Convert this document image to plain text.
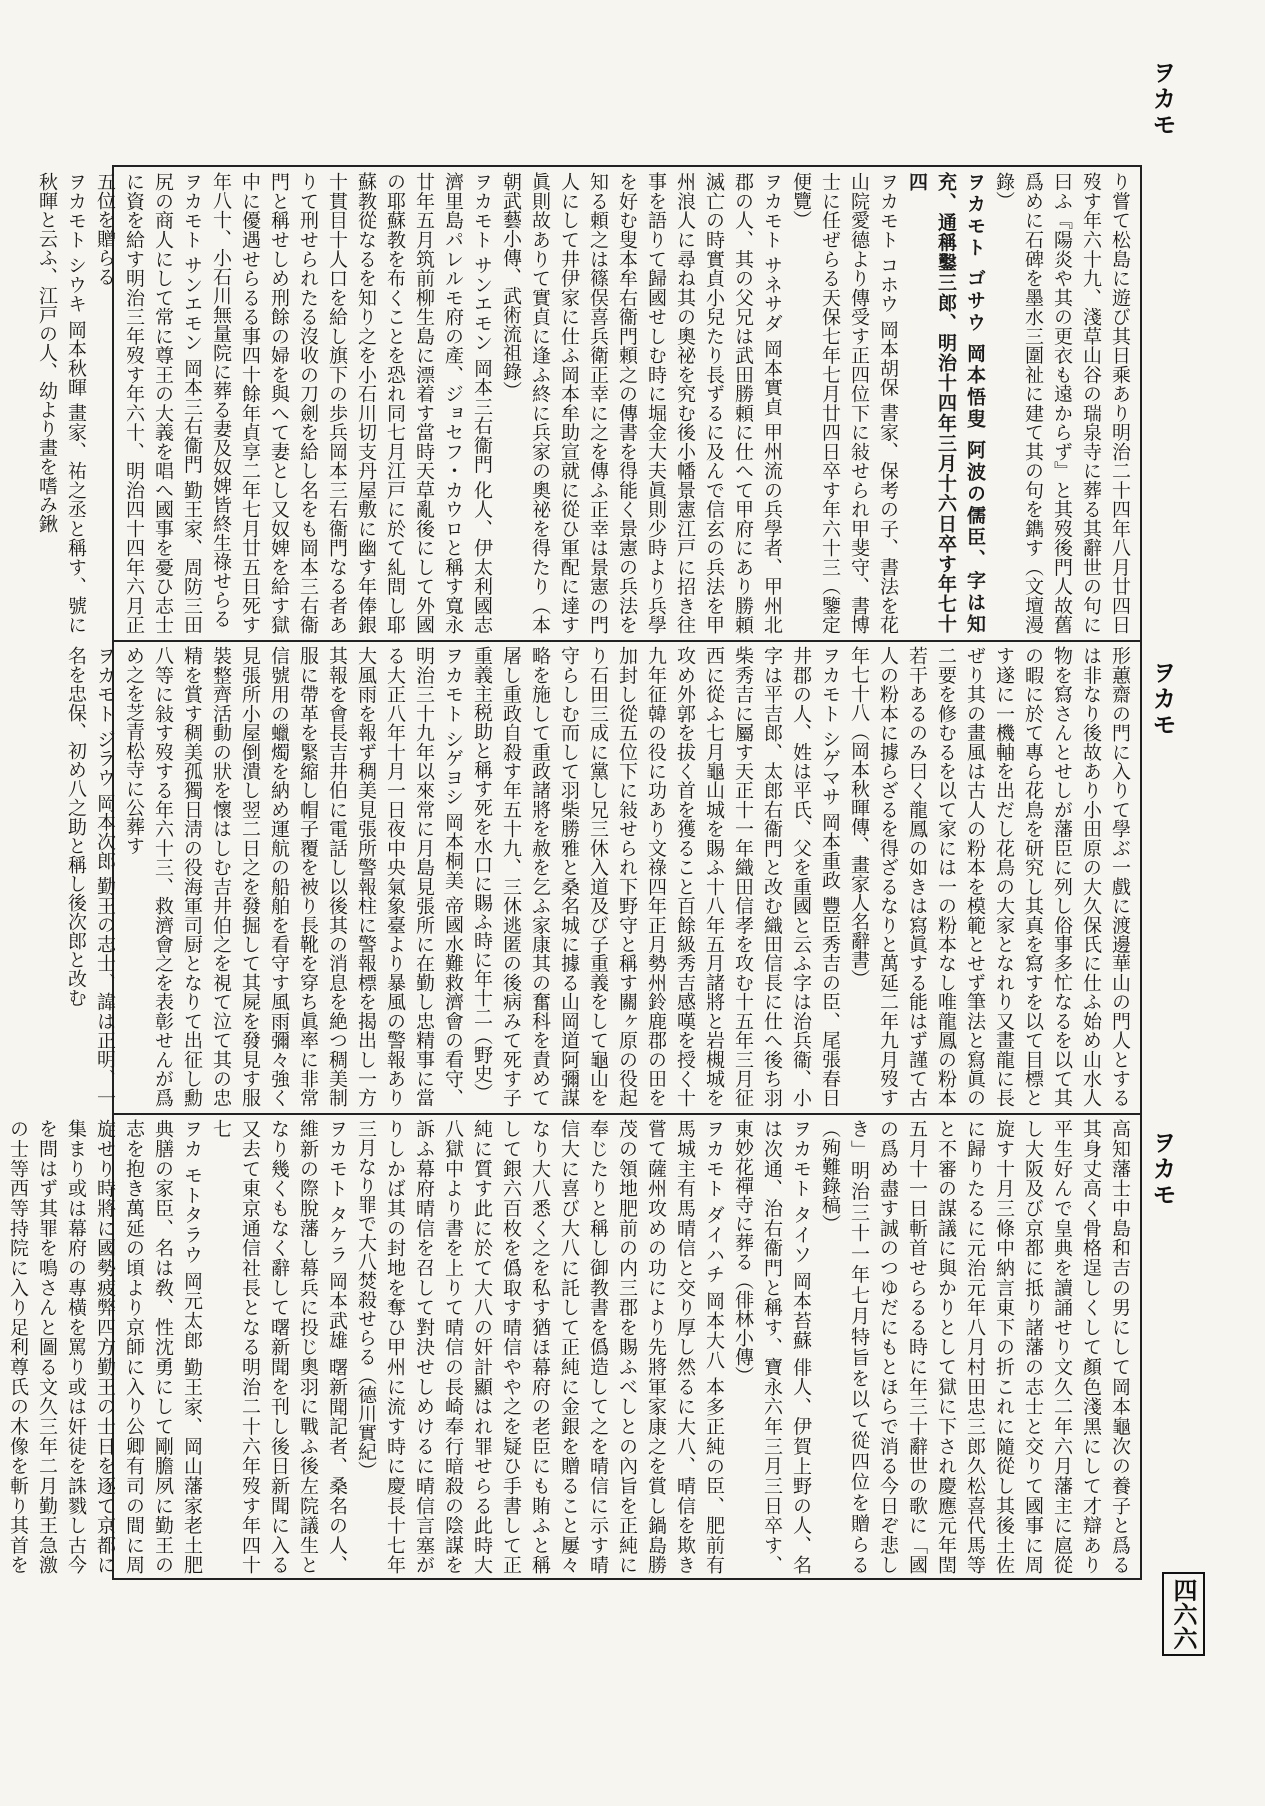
ヲカモ
ヲカモ
ヲカモ
四六六

り嘗て松島に遊び其日乘あり明治二十四年八月廿四日歿す年六十九、淺草山谷の瑞泉寺に葬る其辭世の句に曰ふ『陽炎や其の更衣も遠からず』と其歿後門人故舊爲めに石碑を墨水三圍祉に建て其の句を鐫す（文壇漫錄）

ヲカモト ゴサウ 岡本悟叟 阿波の儒臣、字は知充、通稱鑿三郎、明治十四年三月十六日卒す年七十四

ヲカモト コホウ 岡本胡保 書家、保考の子、書法を花山院愛德より傳受す正四位下に敍せられ甲斐守、書博士に任ぜらる天保七年七月廿四日卒す年六十三（鑒定便覽）

ヲカモト サネサダ 岡本實貞 甲州流の兵學者、甲州北郡の人、其の父兄は武田勝頼に仕へて甲府にあり勝頼滅亡の時實貞小兒たり長ずるに及んで信玄の兵法を甲州浪人に尋ね其の奧祕を究む後小幡景憲江戸に招き往事を語りて歸國せしむ時に堀金大夫眞則少時より兵學を好む叟本牟右衞門頼之の傳書を得能く景憲の兵法を知る頼之は篠俣喜兵衛正幸に之を傳ふ正幸は景憲の門人にして井伊家に仕ふ岡本牟助宣就に從ひ軍配に達す眞則故ありて實貞に逢ふ終に兵家の奧祕を得たり（本朝武藝小傳、武術流祖錄）

ヲカモト サンエモン 岡本三右衞門 化人、伊太利國志濟里島パレルモ府の產、ジョセフ・カウロと稱す寬永廿年五月筑前柳生島に漂着す當時天草亂後にして外國の耶蘇教を布くことを恐れ同七月江戸に於て糺問し耶蘇教從なるを知り之を小石川切支丹屋敷に幽す年俸銀十貫目十人口を給し旗下の歩兵岡本三右衞門なる者ありて刑せられたる沒收の刀劍を給し名をも岡本三右衞門と稱せしめ刑餘の婦を與へて妻とし又奴婢を給す獄中に優遇せらるる事四十餘年貞享二年七月廿五日死す年八十、小石川無量院に葬る妻及奴婢皆終生祿せらる

ヲカモト サンエモン 岡本三右衞門 勤王家、周防三田尻の商人にして常に尊王の大義を唱へ國事を憂ひ志士に資を給す明治三年歿す年六十、明治四十四年六月正五位を贈らる

ヲカモト シウキ 岡本秋暉 畫家、祐之丞と稱す、號に秋暉と云ふ、江戸の人、幼より畫を嗜み鍬

形蕙齋の門に入りて學ぶ一戲に渡邊華山の門人とするは非なり後故あり小田原の大久保氏に仕ふ始め山水人物を寫さんとせしが藩臣に列し俗事多忙なるを以て其の暇に於て專ら花鳥を研究し其真を寫すを以て目標とす遂に一機軸を出だし花鳥の大家となれり又畫龍に長ぜり其の畫風は古人の粉本を模範とせず筆法と寫眞の二要を修むるを以て家には一の粉本なし唯龍鳳の粉本若干あるのみ曰く龍鳳の如きは寫眞する能はず謹て古人の粉本に據らざるを得ざるなりと萬延二年九月歿す年七十八（岡本秋暉傳、畫家人名辭書）

ヲカモト シゲマサ 岡本重政 豐臣秀吉の臣、尾張春日井郡の人、姓は平氏、父を重國と云ふ字は治兵衞、小字は平吉郎、太郎右衞門と改む織田信長に仕へ後ち羽柴秀吉に屬す天正十一年織田信孝を攻む十五年三月征西に從ふ七月龜山城を賜ふ十八年五月諸將と岩槻城を攻め外郭を拔く首を獲ること百餘級秀吉感嘆を授く十九年征韓の役に功あり文祿四年正月勢州鈴鹿郡の田を加封し從五位下に敍せられ下野守と稱す關ヶ原の役起り石田三成に黨し兄三休入道及び子重義をして龜山を守らしむ而して羽柴勝雅と桑名城に據る山岡道阿彌謀略を施して重政諸將を赦を乞ふ家康其の奮科を責めて屠し重政自殺す年五十九、三休逃匿の後病みて死す子重義主税助と稱す死を水口に賜ふ時に年十二（野史）

ヲカモト シゲヨシ 岡本桐美 帝國水難救濟會の看守、明治三十九年以來常に月島見張所に在勤し忠精事に當る大正八年十月一日夜中央氣象臺より暴風の警報あり大風雨を報ず稠美見張所警報柱に警報標を揭出し一方其報を會長吉井伯に電話し以後其の消息を絶つ稠美制服に帶革を緊縮し帽子覆を被り長靴を穿ち眞率に非常信號用の蠟燭を納め運航の船舶を看守す風雨彌々強く見張所小屋倒潰し翌二日之を發掘して其屍を發見す服裝整齊活動の狀を懷はしむ吉井伯之を視て泣て其の忠精を賞す稠美孤獨日淸の役海軍司厨となりて出征し勳八等に敍す歿する年六十三、救濟會之を表彰せんが爲め之を芝青松寺に公葬す

ヲカモト ジラウ 岡本次郎 勤王の志士、諱は正明、一名を忠保、初め八之助と稱し後次郎と改む

高知藩士中島和吉の男にして岡本龜次の養子と爲る其身丈高く骨格逞しくして顏色淺黑にして才辯あり平生好んで皇典を讀誦せり文久二年六月藩主に扈從し大阪及び京都に抵り諸藩の志士と交りて國事に周旋す十月三條中納言東下の折これに隨從し其後土佐に歸りたるに元治元年八月村田忠三郎久松喜代馬等と不審の謀議に與かりとして獄に下され慶應元年閏五月十一日斬首せらるる時に年三十辭世の歌に「國の爲め盡す誠のつゆだにもとほらで消る今日ぞ悲しき」明治三十一年七月特旨を以て從四位を贈らる（殉難錄稿）

ヲカモト タイソ 岡本苔蘇 俳人、伊賀上野の人、名は次通、治右衞門と稱す、寶永六年三月三日卒す、東妙花禪寺に葬る（俳林小傳）

ヲカモト ダイハチ 岡本大八 本多正純の臣、肥前有馬城主有馬晴信と交り厚し然るに大八、晴信を欺き嘗て薩州攻めの功により先將軍家康之を賞し鍋島勝茂の領地肥前の内三郡を賜ふべしとの內旨を正純に奉じたりと稱し御教書を僞造して之を晴信に示す晴信大に喜び大八に託して正純に金銀を贈ること屢々なり大八悉く之を私す猶ほ幕府の老臣にも賄ふと稱して銀六百枚を僞取す晴信やや之を疑ひ手書して正純に質す此に於て大八の奸計顯はれ罪せらる此時大八獄中より書を上りて晴信の長崎奉行暗殺の陰謀を訴ふ幕府晴信を召して對決せしめけるに晴信言塞がりしかば其の封地を奪ひ甲州に流す時に慶長十七年三月なり罪で大八焚殺せらる（德川實紀）

ヲカモト タケラ 岡本武雄 曙新聞記者、桑名の人、維新の際脫藩し幕兵に投じ奧羽に戰ふ後左院議生となり幾くもなく辭して曙新聞を刊し後日新聞に入る又去て東京通信社長となる明治二十六年歿す年四十七

ヲカ モトタラウ 岡元太郎 勤王家、岡山藩家老土肥典膳の家臣、名は敎、性沈勇にして剛膽夙に勤王の志を抱き萬延の頃より京師に入り公卿有司の間に周旋せり時將に國勢疲弊四方勤王の士日を逐て京都に集まり或は幕府の專橫を罵り或は奸徒を誅戮し古今を問はず其罪を鳴さんと圖る文久三年二月勤王急激の士等西等持院に入り足利尊氏の木像を斬り其首を
